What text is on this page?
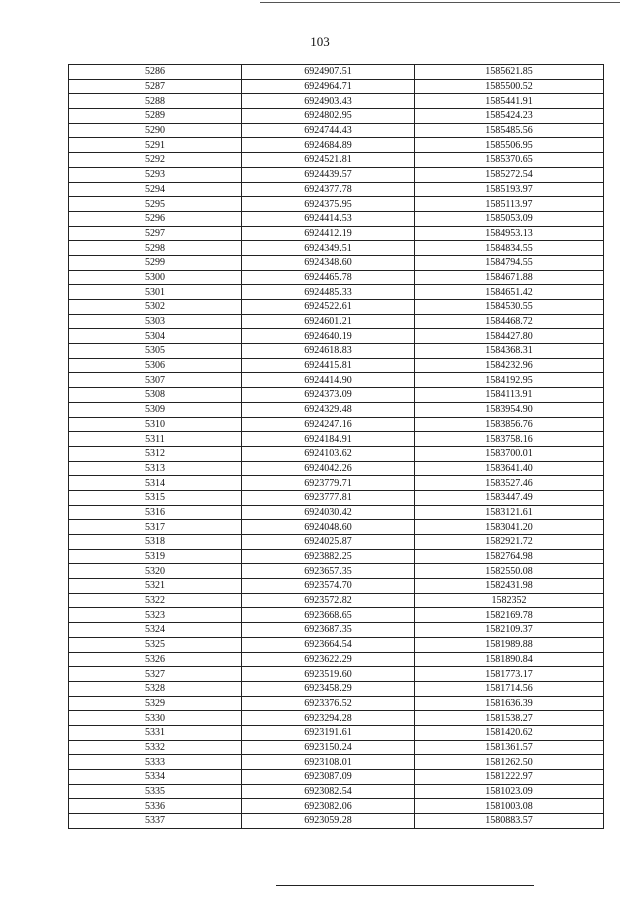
103
5286	6924907.51	1585621.85
5287	6924964.71	1585500.52
5288	6924903.43	1585441.91
5289	6924802.95	1585424.23
5290	6924744.43	1585485.56
5291	6924684.89	1585506.95
5292	6924521.81	1585370.65
5293	6924439.57	1585272.54
5294	6924377.78	1585193.97
5295	6924375.95	1585113.97
5296	6924414.53	1585053.09
5297	6924412.19	1584953.13
5298	6924349.51	1584834.55
5299	6924348.60	1584794.55
5300	6924465.78	1584671.88
5301	6924485.33	1584651.42
5302	6924522.61	1584530.55
5303	6924601.21	1584468.72
5304	6924640.19	1584427.80
5305	6924618.83	1584368.31
5306	6924415.81	1584232.96
5307	6924414.90	1584192.95
5308	6924373.09	1584113.91
5309	6924329.48	1583954.90
5310	6924247.16	1583856.76
5311	6924184.91	1583758.16
5312	6924103.62	1583700.01
5313	6924042.26	1583641.40
5314	6923779.71	1583527.46
5315	6923777.81	1583447.49
5316	6924030.42	1583121.61
5317	6924048.60	1583041.20
5318	6924025.87	1582921.72
5319	6923882.25	1582764.98
5320	6923657.35	1582550.08
5321	6923574.70	1582431.98
5322	6923572.82	1582352
5323	6923668.65	1582169.78
5324	6923687.35	1582109.37
5325	6923664.54	1581989.88
5326	6923622.29	1581890.84
5327	6923519.60	1581773.17
5328	6923458.29	1581714.56
5329	6923376.52	1581636.39
5330	6923294.28	1581538.27
5331	6923191.61	1581420.62
5332	6923150.24	1581361.57
5333	6923108.01	1581262.50
5334	6923087.09	1581222.97
5335	6923082.54	1581023.09
5336	6923082.06	1581003.08
5337	6923059.28	1580883.57
